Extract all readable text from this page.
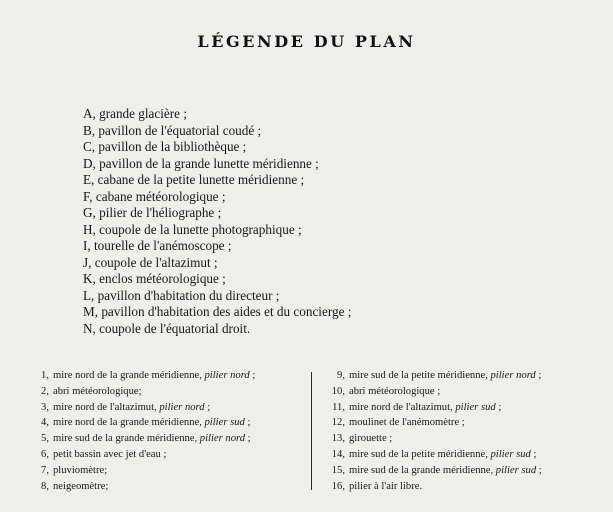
LÉGENDE DU PLAN
A, grande glacière ;
B, pavillon de l'équatorial coudé ;
C, pavillon de la bibliothèque ;
D, pavillon de la grande lunette méridienne ;
E, cabane de la petite lunette méridienne ;
F, cabane météorologique ;
G, pilier de l'héliographe ;
H, coupole de la lunette photographique ;
I, tourelle de l'anémoscope ;
J, coupole de l'altazimut ;
K, enclos météorologique ;
L, pavillon d'habitation du directeur ;
M, pavillon d'habitation des aides et du concierge ;
N, coupole de l'équatorial droit.
1, mire nord de la grande méridienne, pilier nord ;
2, abri météorologique;
3, mire nord de l'altazimut, pilier nord ;
4, mire nord de la grande méridienne, pilier sud ;
5, mire sud de la grande méridienne, pilier nord ;
6, petit bassin avec jet d'eau ;
7, pluviomètre;
8, neigeomètre;
9, mire sud de la petite méridienne, pilier nord ;
10, abri météorologique ;
11, mire nord de l'altazimut, pilier sud ;
12, moulinet de l'anémomètre ;
13, girouette ;
14, mire sud de la petite méridienne, pilier sud ;
15, mire sud de la grande méridienne, pilier sud ;
16, pilier à l'air libre.
